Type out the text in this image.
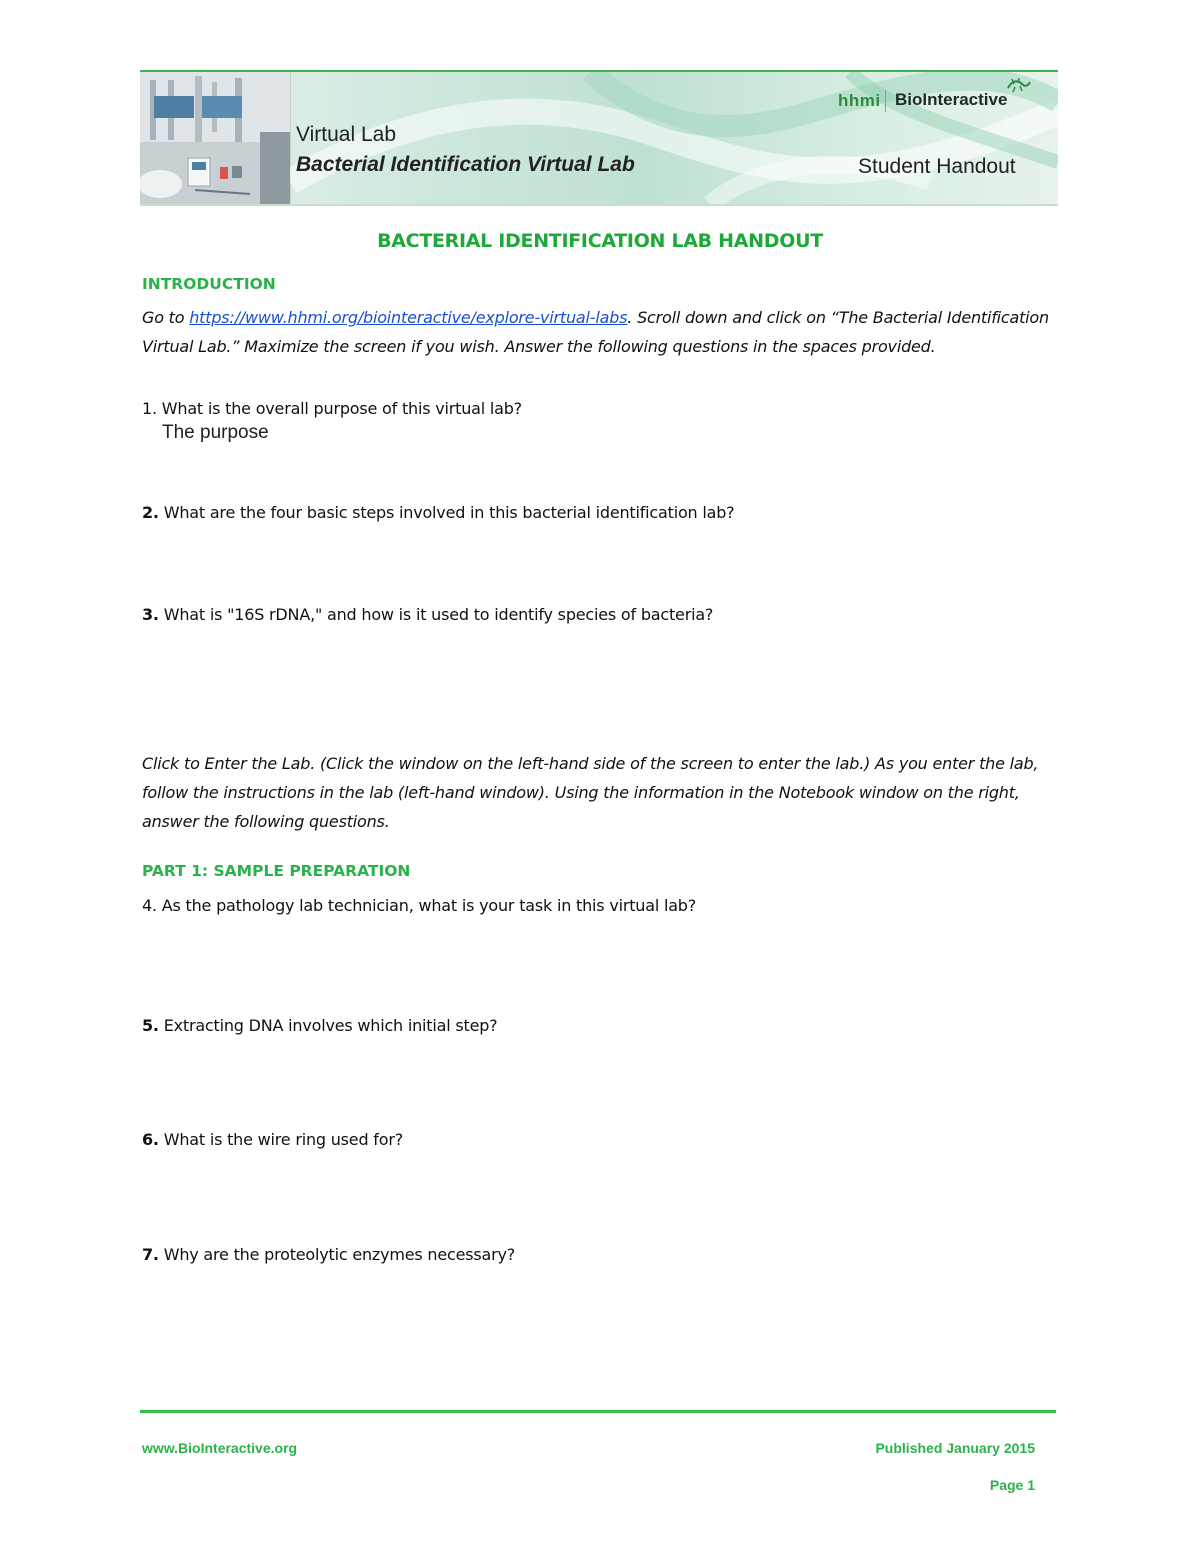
Virtual Lab
Bacterial Identification Virtual Lab
hhmi BioInteractive
Student Handout
BACTERIAL IDENTIFICATION LAB HANDOUT
INTRODUCTION
Go to https://www.hhmi.org/biointeractive/explore-virtual-labs. Scroll down and click on “The Bacterial Identification Virtual Lab.” Maximize the screen if you wish. Answer the following questions in the spaces provided.
1. What is the overall purpose of this virtual lab?
The purpose
2. What are the four basic steps involved in this bacterial identification lab?
3. What is "16S rDNA," and how is it used to identify species of bacteria?
Click to Enter the Lab. (Click the window on the left-hand side of the screen to enter the lab.) As you enter the lab, follow the instructions in the lab (left-hand window). Using the information in the Notebook window on the right, answer the following questions.
PART 1: SAMPLE PREPARATION
4. As the pathology lab technician, what is your task in this virtual lab?
5. Extracting DNA involves which initial step?
6. What is the wire ring used for?
7. Why are the proteolytic enzymes necessary?
www.BioInteractive.org	Published January 2015
Page 1
